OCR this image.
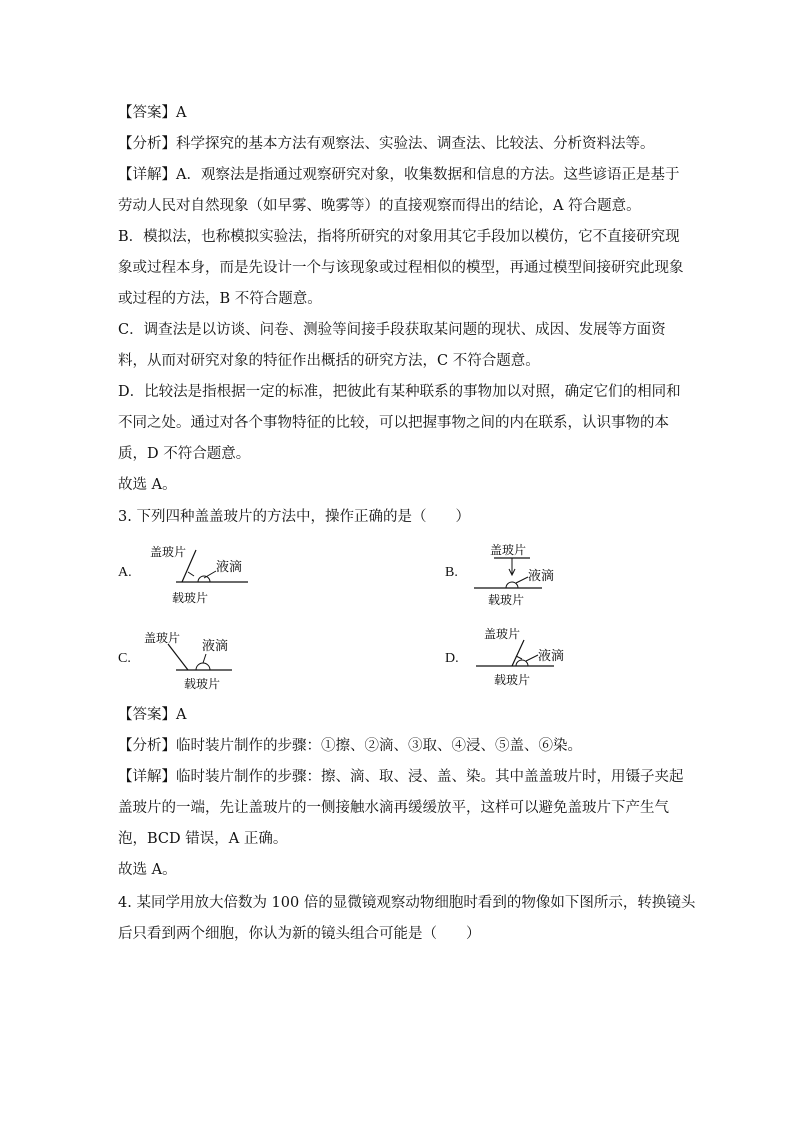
【答案】A
【分析】科学探究的基本方法有观察法、实验法、调查法、比较法、分析资料法等。
【详解】A．观察法是指通过观察研究对象，收集数据和信息的方法。这些谚语正是基于
劳动人民对自然现象（如早雾、晚雾等）的直接观察而得出的结论，A 符合题意。
B．模拟法，也称模拟实验法，指将所研究的对象用其它手段加以模仿，它不直接研究现
象或过程本身，而是先设计一个与该现象或过程相似的模型，再通过模型间接研究此现象
或过程的方法，B 不符合题意。
C．调查法是以访谈、问卷、测验等间接手段获取某问题的现状、成因、发展等方面资
料，从而对研究对象的特征作出概括的研究方法，C 不符合题意。
D．比较法是指根据一定的标准，把彼此有某种联系的事物加以对照，确定它们的相同和
不同之处。通过对各个事物特征的比较，可以把握事物之间的内在联系，认识事物的本
质，D 不符合题意。
故选 A。
3. 下列四种盖盖玻片的方法中，操作正确的是（　　）
A.
盖玻片
液滴
载玻片
B.
盖玻片
液滴
载玻片
C.
盖玻片
液滴
载玻片
D.
盖玻片
液滴
载玻片
【答案】A
【分析】临时装片制作的步骤：①擦、②滴、③取、④浸、⑤盖、⑥染。
【详解】临时装片制作的步骤：擦、滴、取、浸、盖、染。其中盖盖玻片时，用镊子夹起
盖玻片的一端，先让盖玻片的一侧接触水滴再缓缓放平，这样可以避免盖玻片下产生气
泡，BCD 错误，A 正确。
故选 A。
4. 某同学用放大倍数为 100 倍的显微镜观察动物细胞时看到的物像如下图所示，转换镜头
后只看到两个细胞，你认为新的镜头组合可能是（　　）
